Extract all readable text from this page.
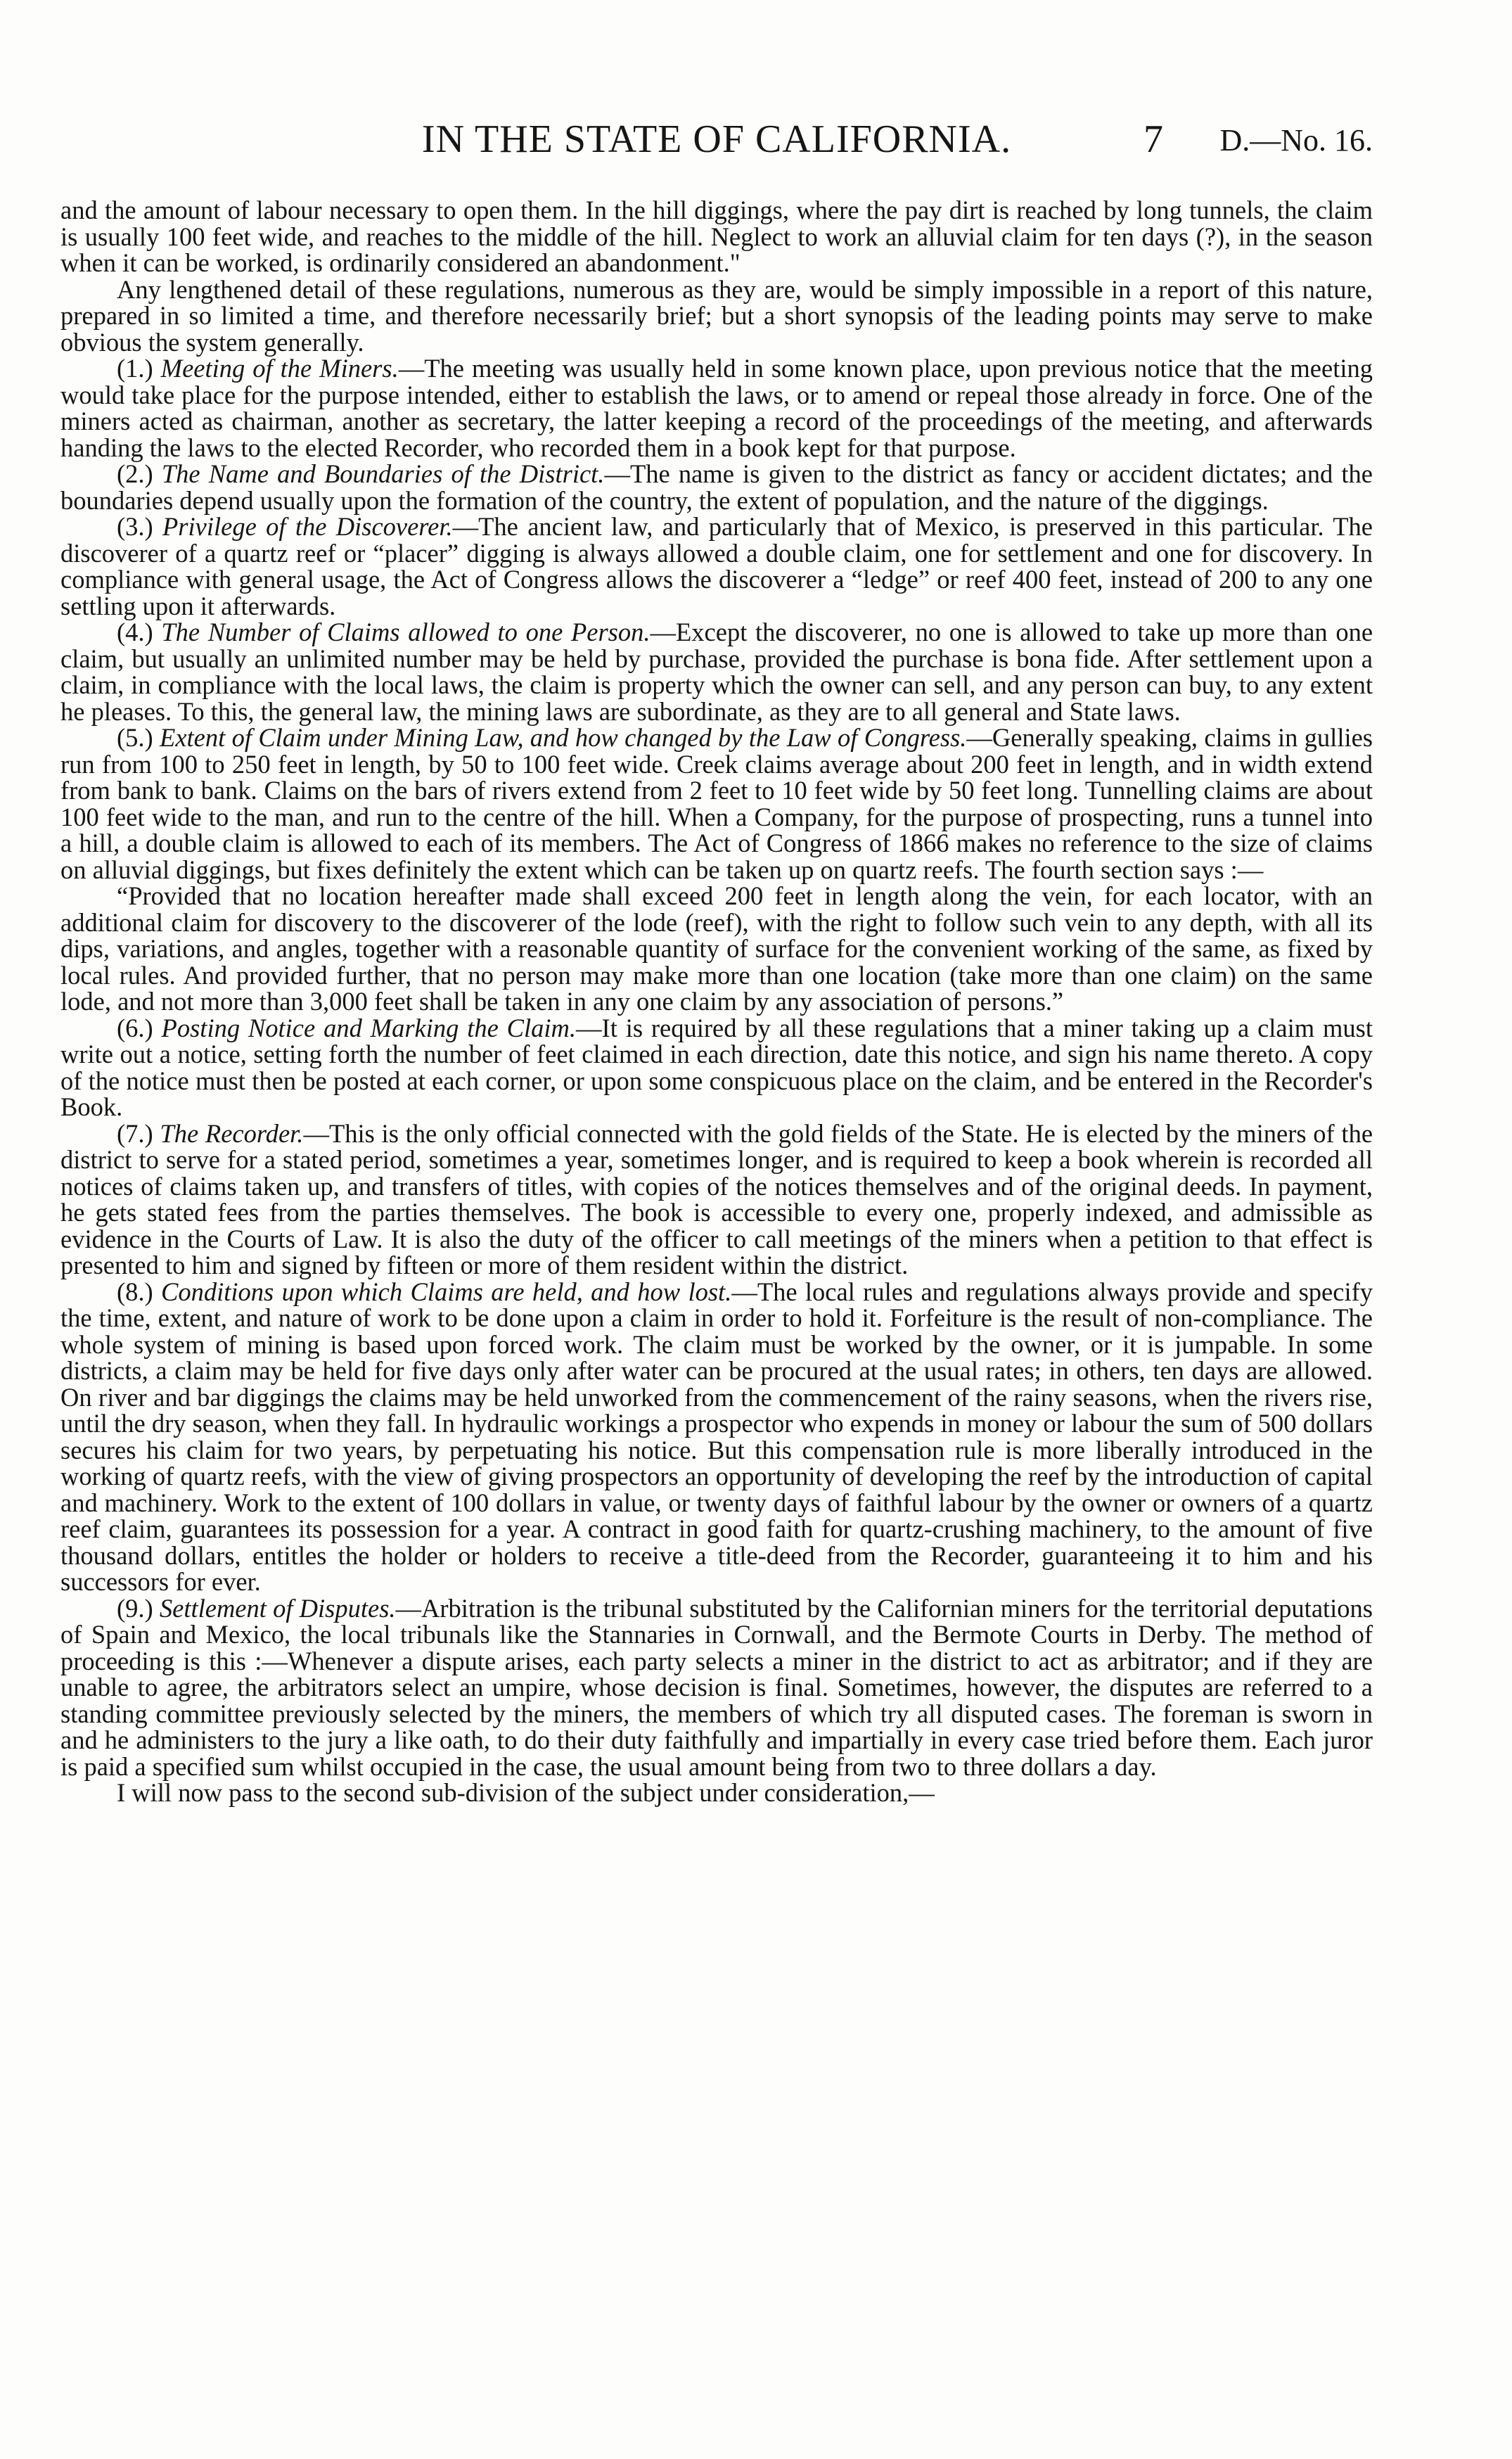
IN THE STATE OF CALIFORNIA.	7 D.—No. 16.

and the amount of labour necessary to open them. In the hill diggings, where the pay dirt is reached by long tunnels, the claim is usually 100 feet wide, and reaches to the middle of the hill. Neglect to work an alluvial claim for ten days (?), in the season when it can be worked, is ordinarily considered an abandonment."

Any lengthened detail of these regulations, numerous as they are, would be simply impossible in a report of this nature, prepared in so limited a time, and therefore necessarily brief; but a short synopsis of the leading points may serve to make obvious the system generally.

(1.) Meeting of the Miners.—The meeting was usually held in some known place, upon previous notice that the meeting would take place for the purpose intended, either to establish the laws, or to amend or repeal those already in force. One of the miners acted as chairman, another as secretary, the latter keeping a record of the proceedings of the meeting, and afterwards handing the laws to the elected Recorder, who recorded them in a book kept for that purpose.

(2.) The Name and Boundaries of the District.—The name is given to the district as fancy or accident dictates; and the boundaries depend usually upon the formation of the country, the extent of population, and the nature of the diggings.

(3.) Privilege of the Discoverer.—The ancient law, and particularly that of Mexico, is preserved in this particular. The discoverer of a quartz reef or “placer” digging is always allowed a double claim, one for settlement and one for discovery. In compliance with general usage, the Act of Congress allows the discoverer a “ledge” or reef 400 feet, instead of 200 to any one settling upon it afterwards.

(4.) The Number of Claims allowed to one Person.—Except the discoverer, no one is allowed to take up more than one claim, but usually an unlimited number may be held by purchase, provided the purchase is bona fide. After settlement upon a claim, in compliance with the local laws, the claim is property which the owner can sell, and any person can buy, to any extent he pleases. To this, the general law, the mining laws are subordinate, as they are to all general and State laws.

(5.) Extent of Claim under Mining Law, and how changed by the Law of Congress.—Generally speaking, claims in gullies run from 100 to 250 feet in length, by 50 to 100 feet wide. Creek claims average about 200 feet in length, and in width extend from bank to bank. Claims on the bars of rivers extend from 2 feet to 10 feet wide by 50 feet long. Tunnelling claims are about 100 feet wide to the man, and run to the centre of the hill. When a Company, for the purpose of prospecting, runs a tunnel into a hill, a double claim is allowed to each of its members. The Act of Congress of 1866 makes no reference to the size of claims on alluvial diggings, but fixes definitely the extent which can be taken up on quartz reefs. The fourth section says :—

“Provided that no location hereafter made shall exceed 200 feet in length along the vein, for each locator, with an additional claim for discovery to the discoverer of the lode (reef), with the right to follow such vein to any depth, with all its dips, variations, and angles, together with a reasonable quantity of surface for the convenient working of the same, as fixed by local rules. And provided further, that no person may make more than one location (take more than one claim) on the same lode, and not more than 3,000 feet shall be taken in any one claim by any association of persons.”

(6.) Posting Notice and Marking the Claim.—It is required by all these regulations that a miner taking up a claim must write out a notice, setting forth the number of feet claimed in each direction, date this notice, and sign his name thereto. A copy of the notice must then be posted at each corner, or upon some conspicuous place on the claim, and be entered in the Recorder's Book.

(7.) The Recorder.—This is the only official connected with the gold fields of the State. He is elected by the miners of the district to serve for a stated period, sometimes a year, sometimes longer, and is required to keep a book wherein is recorded all notices of claims taken up, and transfers of titles, with copies of the notices themselves and of the original deeds. In payment, he gets stated fees from the parties themselves. The book is accessible to every one, properly indexed, and admissible as evidence in the Courts of Law. It is also the duty of the officer to call meetings of the miners when a petition to that effect is presented to him and signed by fifteen or more of them resident within the district.

(8.) Conditions upon which Claims are held, and how lost.—The local rules and regulations always provide and specify the time, extent, and nature of work to be done upon a claim in order to hold it. Forfeiture is the result of non-compliance. The whole system of mining is based upon forced work. The claim must be worked by the owner, or it is jumpable. In some districts, a claim may be held for five days only after water can be procured at the usual rates; in others, ten days are allowed. On river and bar diggings the claims may be held unworked from the commencement of the rainy seasons, when the rivers rise, until the dry season, when they fall. In hydraulic workings a prospector who expends in money or labour the sum of 500 dollars secures his claim for two years, by perpetuating his notice. But this compensation rule is more liberally introduced in the working of quartz reefs, with the view of giving prospectors an opportunity of developing the reef by the introduction of capital and machinery. Work to the extent of 100 dollars in value, or twenty days of faithful labour by the owner or owners of a quartz reef claim, guarantees its possession for a year. A contract in good faith for quartz-crushing machinery, to the amount of five thousand dollars, entitles the holder or holders to receive a title-deed from the Recorder, guaranteeing it to him and his successors for ever.

(9.) Settlement of Disputes.—Arbitration is the tribunal substituted by the Californian miners for the territorial deputations of Spain and Mexico, the local tribunals like the Stannaries in Cornwall, and the Bermote Courts in Derby. The method of proceeding is this :—Whenever a dispute arises, each party selects a miner in the district to act as arbitrator; and if they are unable to agree, the arbitrators select an umpire, whose decision is final. Sometimes, however, the disputes are referred to a standing committee previously selected by the miners, the members of which try all disputed cases. The foreman is sworn in and he administers to the jury a like oath, to do their duty faithfully and impartially in every case tried before them. Each juror is paid a specified sum whilst occupied in the case, the usual amount being from two to three dollars a day.

I will now pass to the second sub-division of the subject under consideration,—
